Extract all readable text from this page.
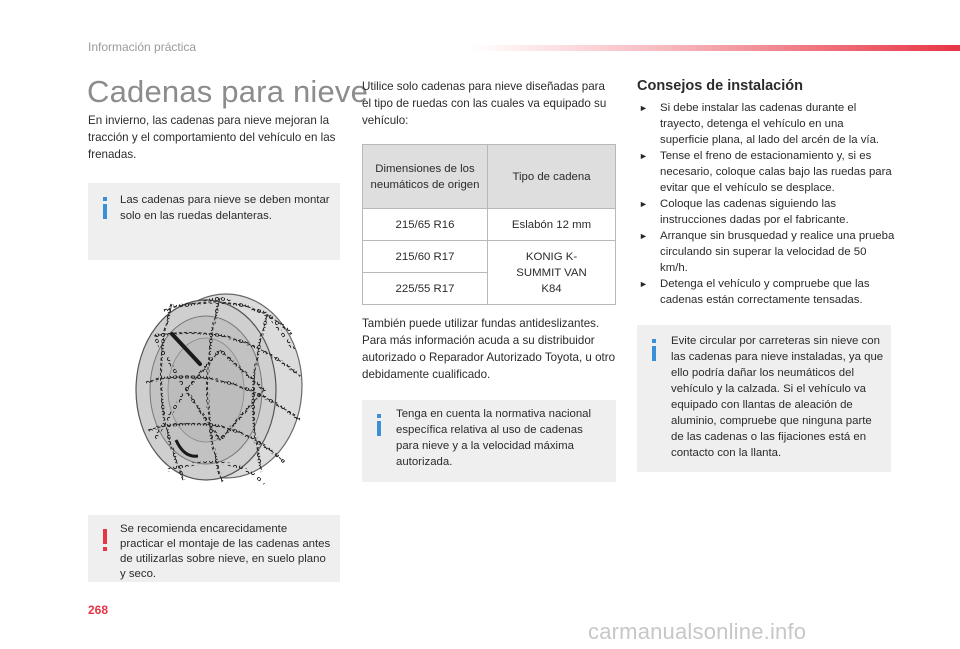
Información práctica
Cadenas para nieve

En invierno, las cadenas para nieve mejoran la tracción y el comportamiento del vehículo en las frenadas.

Las cadenas para nieve se deben montar solo en las ruedas delanteras.

Se recomienda encarecidamente practicar el montaje de las cadenas antes de utilizarlas sobre nieve, en suelo plano y seco.

Utilice solo cadenas para nieve diseñadas para el tipo de ruedas con las cuales va equipado su vehículo:

Dimensiones de los neumáticos de origen	Tipo de cadena
215/65 R16	Eslabón 12 mm
215/60 R17	KONIG K-SUMMIT VAN K84
225/55 R17	

También puede utilizar fundas antideslizantes. Para más información acuda a su distribuidor autorizado o Reparador Autorizado Toyota, u otro debidamente cualificado.

Tenga en cuenta la normativa nacional específica relativa al uso de cadenas para nieve y a la velocidad máxima autorizada.

Consejos de instalación
► Si debe instalar las cadenas durante el trayecto, detenga el vehículo en una superficie plana, al lado del arcén de la vía.
► Tense el freno de estacionamiento y, si es necesario, coloque calas bajo las ruedas para evitar que el vehículo se desplace.
► Coloque las cadenas siguiendo las instrucciones dadas por el fabricante.
► Arranque sin brusquedad y realice una prueba circulando sin superar la velocidad de 50 km/h.
► Detenga el vehículo y compruebe que las cadenas están correctamente tensadas.

Evite circular por carreteras sin nieve con las cadenas para nieve instaladas, ya que ello podría dañar los neumáticos del vehículo y la calzada. Si el vehículo va equipado con llantas de aleación de aluminio, compruebe que ninguna parte de las cadenas o las fijaciones está en contacto con la llanta.

268
carmanualsonline.info
